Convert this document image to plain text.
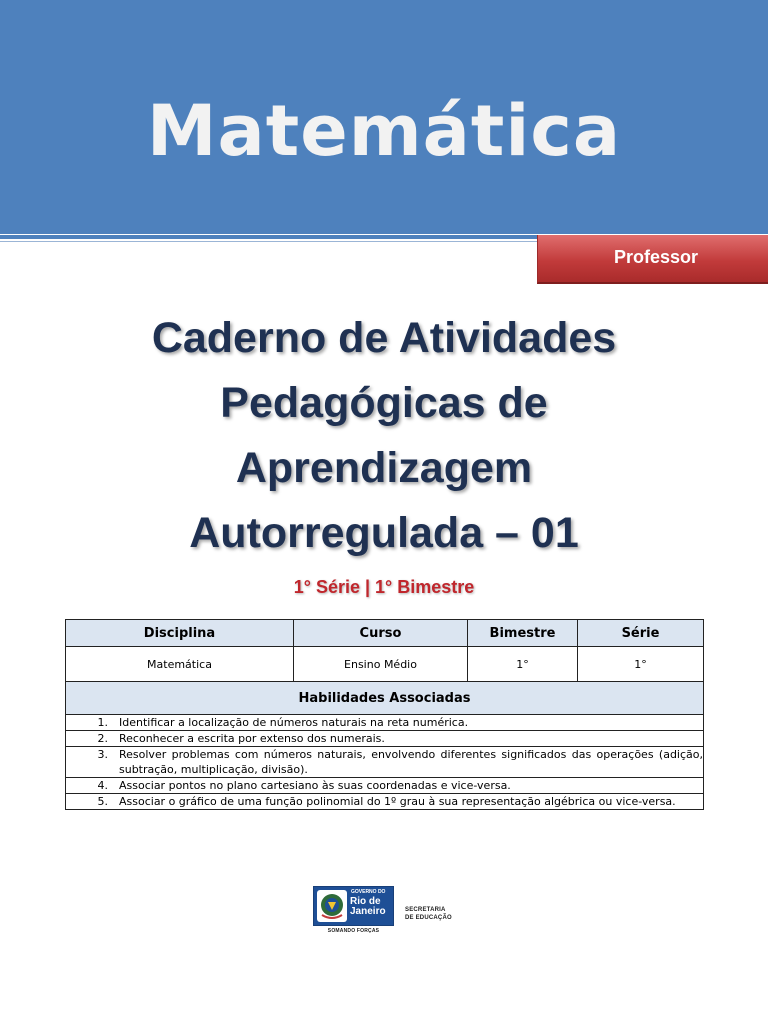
Matemática
Professor
Caderno de Atividades
Pedagógicas de
Aprendizagem
Autorregulada – 01
1° Série | 1° Bimestre
Disciplina	Curso	Bimestre	Série
Matemática	Ensino Médio	1°	1°
Habilidades Associadas			

1. Identificar a localização de números naturais na reta numérica.			

2. Reconhecer a escrita por extenso dos numerais.			

3. Resolver problemas com números naturais, envolvendo diferentes significados das operações (adição, subtração, multiplicação, divisão).			

4. Associar pontos no plano cartesiano às suas coordenadas e vice-versa.			

5. Associar o gráfico de uma função polinomial do 1º grau à sua representação algébrica ou vice-versa.			
GOVERNO DO
Rio de Janeiro
SOMANDO FORÇAS
SECRETARIA
DE EDUCAÇÃO
